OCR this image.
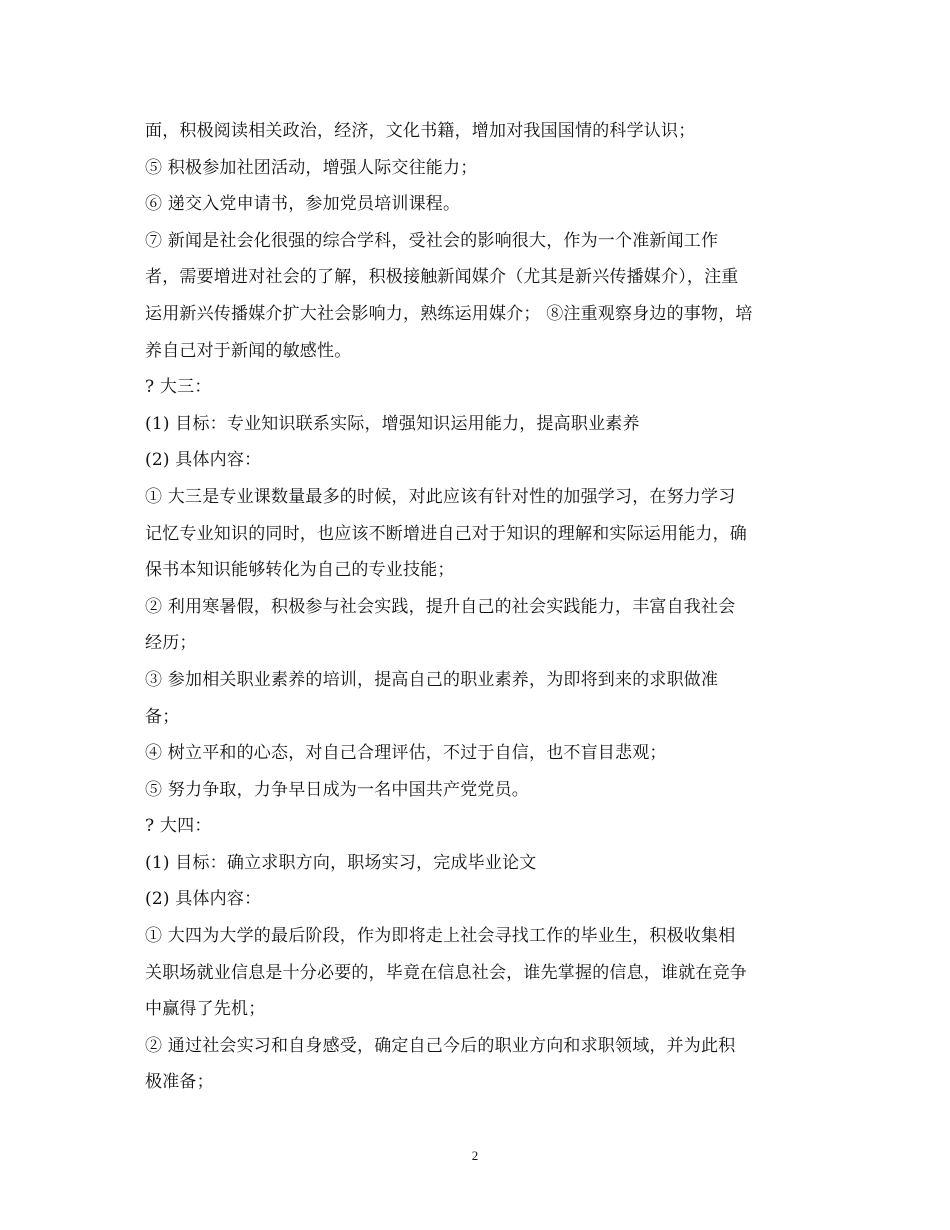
面，积极阅读相关政治，经济，文化书籍，增加对我国国情的科学认识；
⑤ 积极参加社团活动，增强人际交往能力；
⑥ 递交入党申请书，参加党员培训课程。
⑦ 新闻是社会化很强的综合学科，受社会的影响很大，作为一个准新闻工作
者，需要增进对社会的了解，积极接触新闻媒介（尤其是新兴传播媒介），注重
运用新兴传播媒介扩大社会影响力，熟练运用媒介； ⑧注重观察身边的事物，培
养自己对于新闻的敏感性。
? 大三：
(1) 目标：专业知识联系实际，增强知识运用能力，提高职业素养
(2) 具体内容：
① 大三是专业课数量最多的时候，对此应该有针对性的加强学习，在努力学习
记忆专业知识的同时，也应该不断增进自己对于知识的理解和实际运用能力，确
保书本知识能够转化为自己的专业技能；
② 利用寒暑假，积极参与社会实践，提升自己的社会实践能力，丰富自我社会
经历；
③ 参加相关职业素养的培训，提高自己的职业素养，为即将到来的求职做准
备；
④ 树立平和的心态，对自己合理评估，不过于自信，也不盲目悲观；
⑤ 努力争取，力争早日成为一名中国共产党党员。
? 大四：
(1) 目标：确立求职方向，职场实习，完成毕业论文
(2) 具体内容：
① 大四为大学的最后阶段，作为即将走上社会寻找工作的毕业生，积极收集相
关职场就业信息是十分必要的，毕竟在信息社会，谁先掌握的信息，谁就在竞争
中赢得了先机；
② 通过社会实习和自身感受，确定自己今后的职业方向和求职领域，并为此积
极准备；
2
